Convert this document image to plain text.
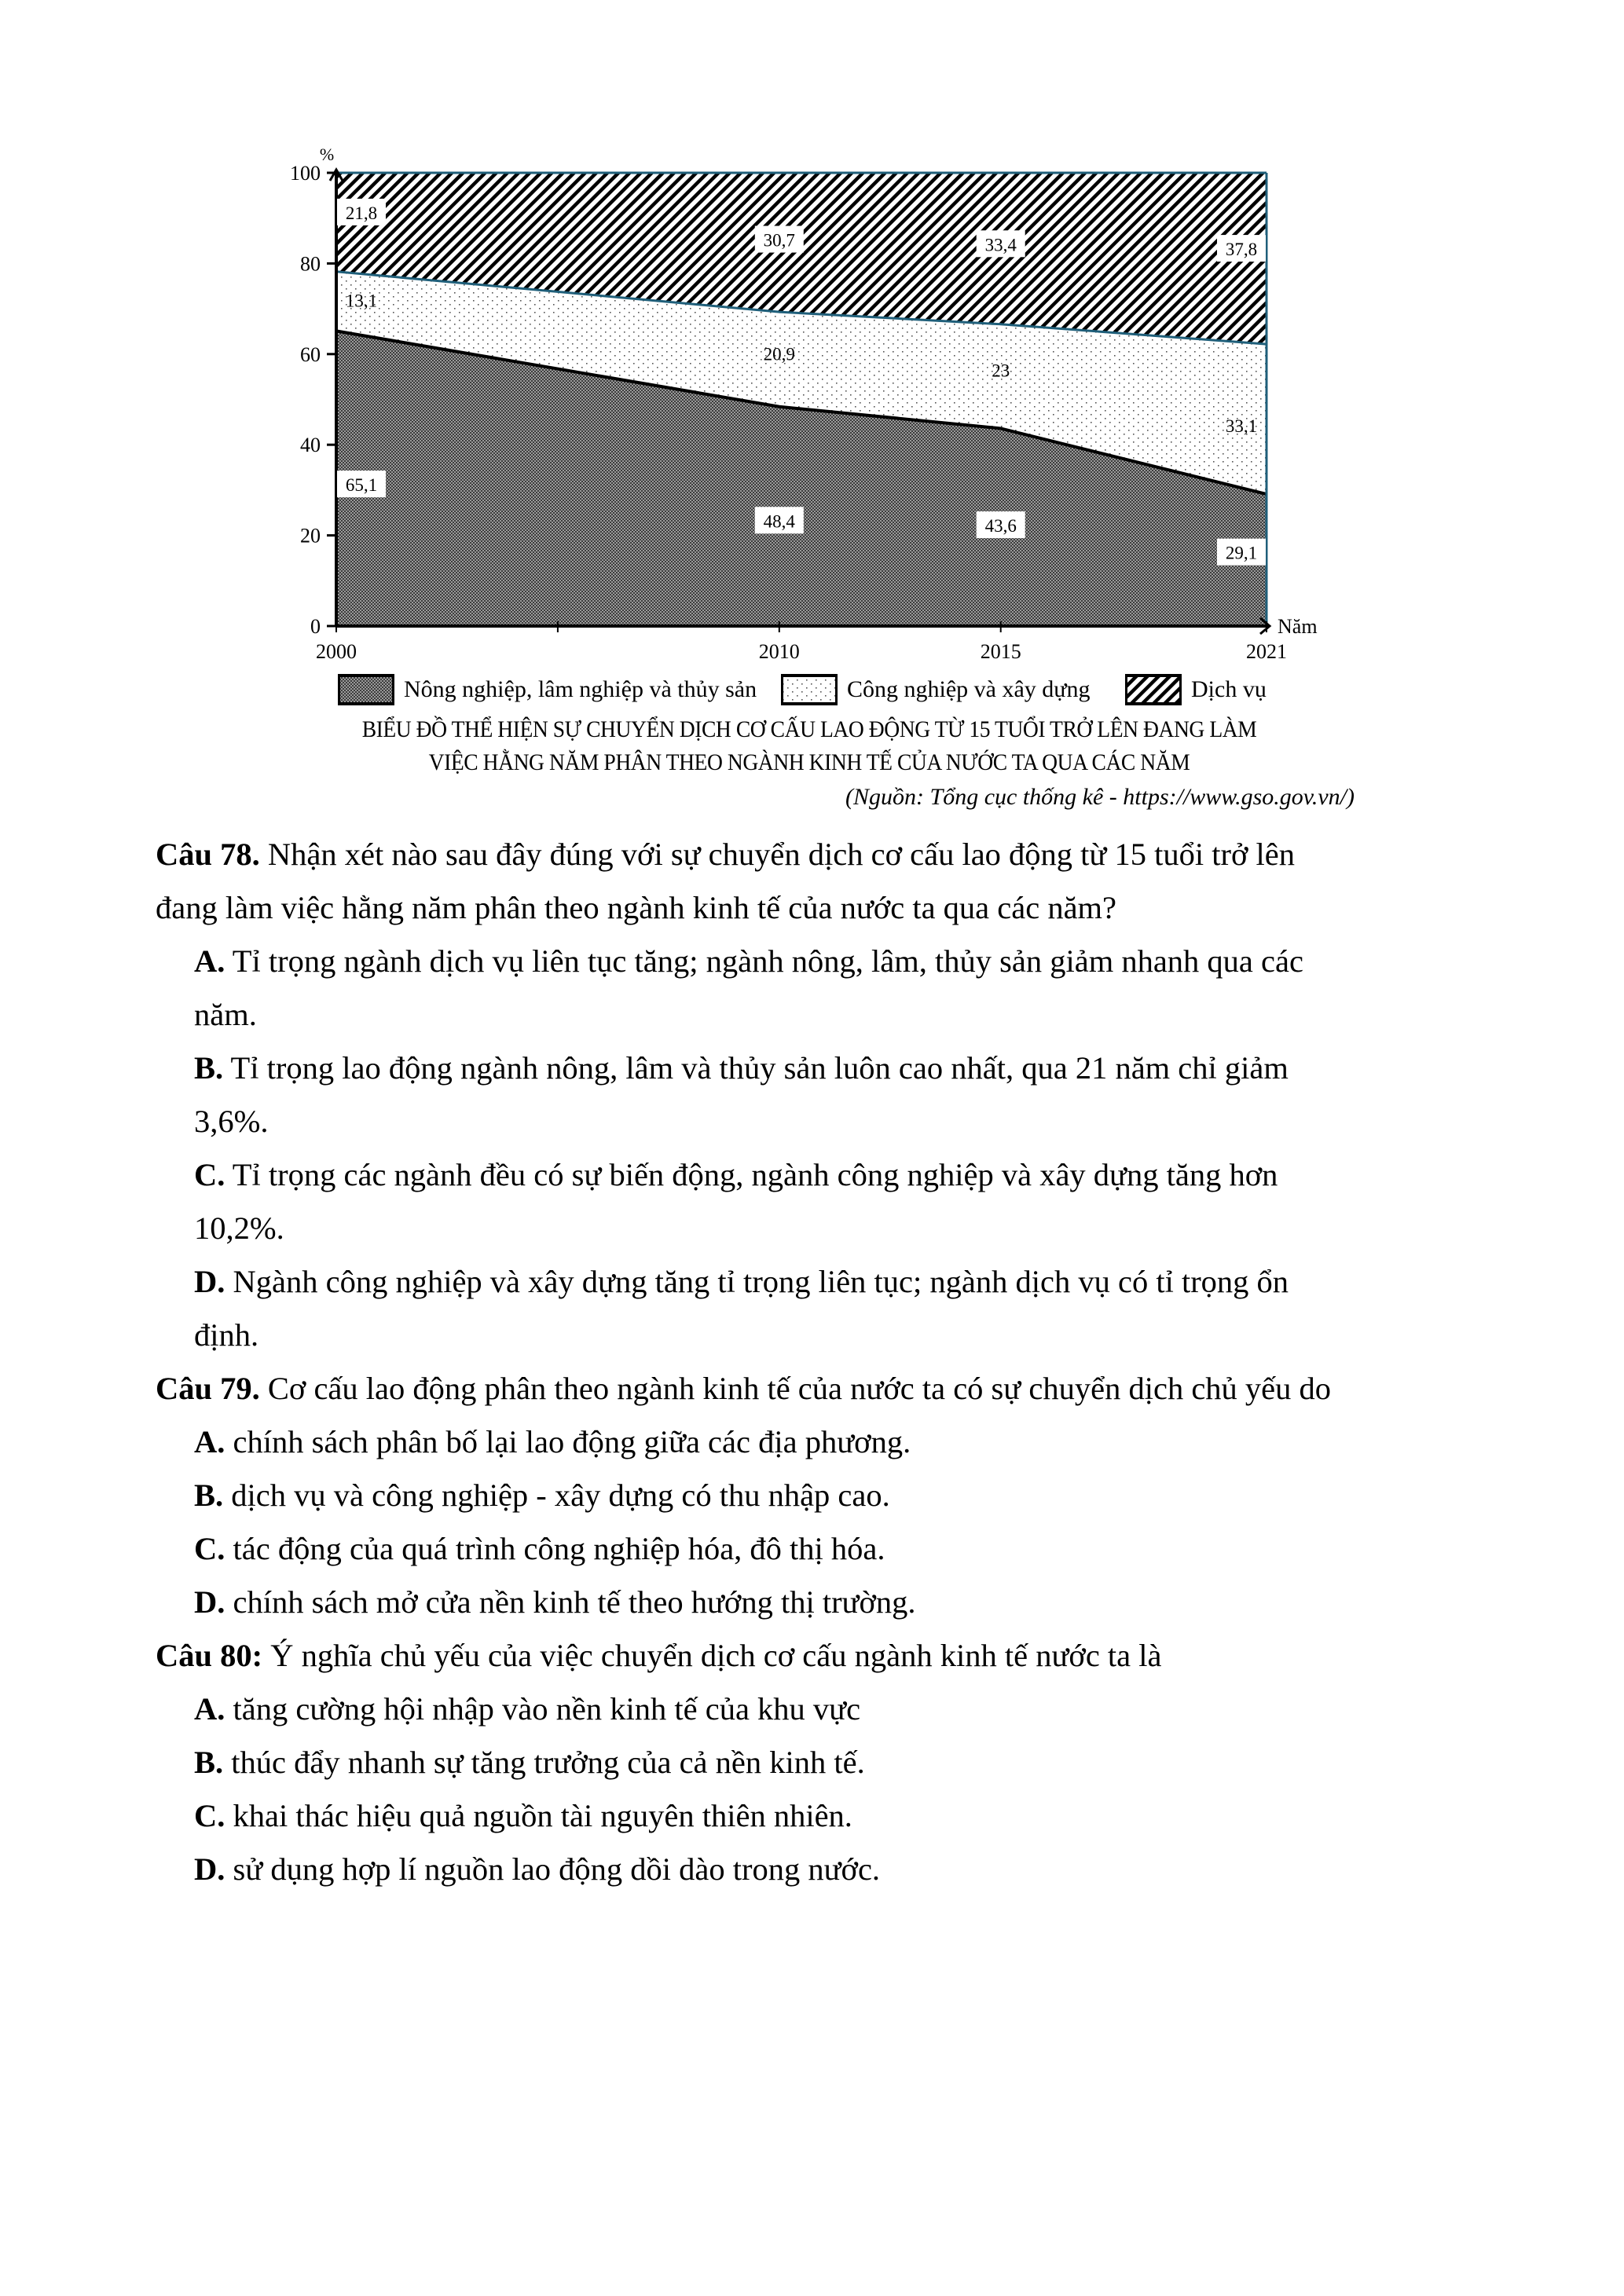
0
20
40
60
80
100
%
2000	2010	2015	2021
Năm
65,1
48,4	43,6
29,1
13,1
20,9
23
33,1
21,8
30,7	33,4	37,8
Nông nghiệp, lâm nghiệp và thủy sản	Công nghiệp và xây dựng	Dịch vụ
BIỂU ĐỒ THỂ HIỆN SỰ CHUYỂN DỊCH CƠ CẤU LAO ĐỘNG TỪ 15 TUỔI TRỞ LÊN ĐANG LÀM
VIỆC HẰNG NĂM PHÂN THEO NGÀNH KINH TẾ CỦA NƯỚC TA QUA CÁC NĂM
(Nguồn: Tổng cục thống kê - https://www.gso.gov.vn/)
Câu 78. Nhận xét nào sau đây đúng với sự chuyển dịch cơ cấu lao động từ 15 tuổi trở lên
đang làm việc hằng năm phân theo ngành kinh tế của nước ta qua các năm?
A. Tỉ trọng ngành dịch vụ liên tục tăng; ngành nông, lâm, thủy sản giảm nhanh qua các
năm.
B. Tỉ trọng lao động ngành nông, lâm và thủy sản luôn cao nhất, qua 21 năm chỉ giảm
3,6%.
C. Tỉ trọng các ngành đều có sự biến động, ngành công nghiệp và xây dựng tăng hơn
10,2%.
D. Ngành công nghiệp và xây dựng tăng tỉ trọng liên tục; ngành dịch vụ có tỉ trọng ổn
định.
Câu 79. Cơ cấu lao động phân theo ngành kinh tế của nước ta có sự chuyển dịch chủ yếu do
A. chính sách phân bố lại lao động giữa các địa phương.
B. dịch vụ và công nghiệp - xây dựng có thu nhập cao.
C. tác động của quá trình công nghiệp hóa, đô thị hóa.
D. chính sách mở cửa nền kinh tế theo hướng thị trường.
Câu 80: Ý nghĩa chủ yếu của việc chuyển dịch cơ cấu ngành kinh tế nước ta là
A. tăng cường hội nhập vào nền kinh tế của khu vực
B. thúc đẩy nhanh sự tăng trưởng của cả nền kinh tế.
C. khai thác hiệu quả nguồn tài nguyên thiên nhiên.
D. sử dụng hợp lí nguồn lao động dồi dào trong nước.
